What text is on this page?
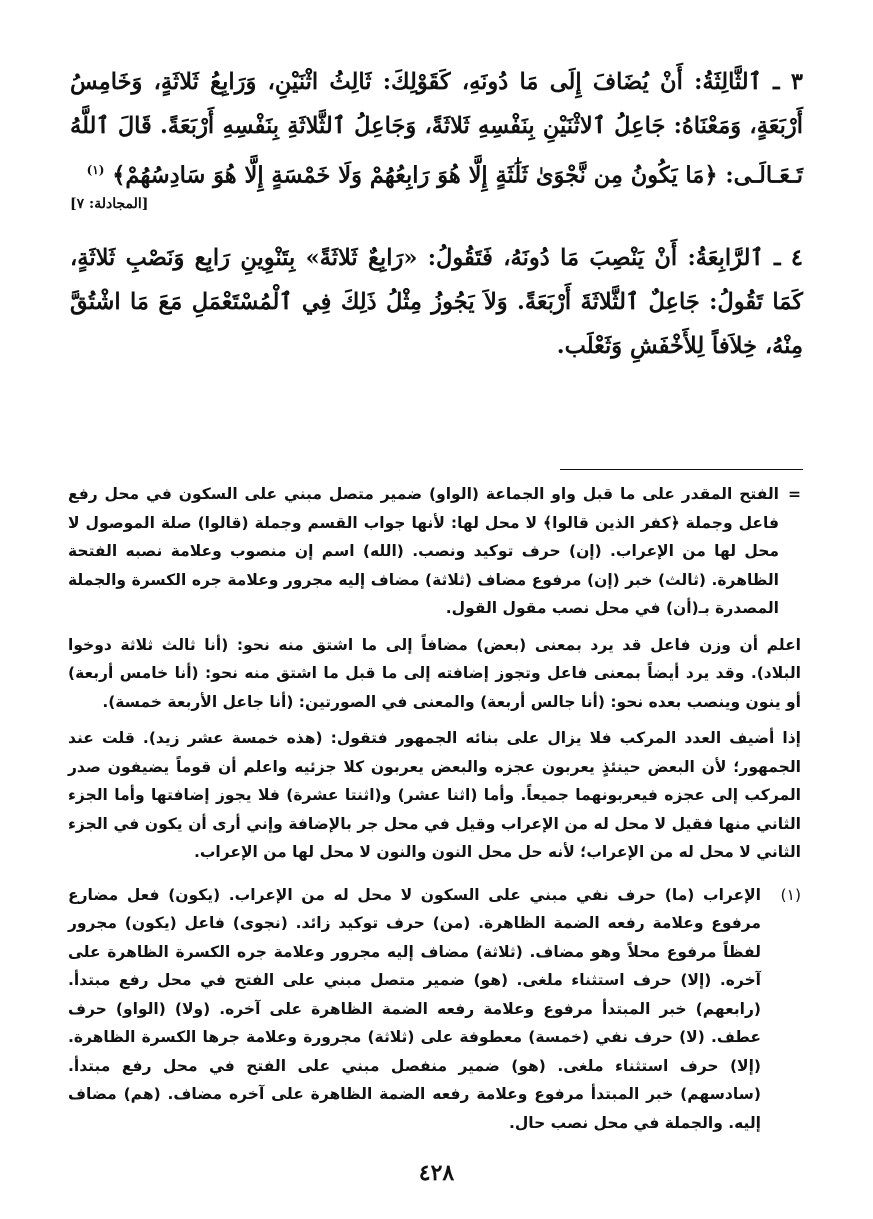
٣ ـ ٱلثَّالِثَةُ: أَنْ يُضَافَ إِلَى مَا دُونَهِ، كَقَوْلِكَ: ثَالِثُ اثْنَيْنِ، وَرَابِعُ ثَلاثَةٍ، وَخَامِسُ أَرْبَعَةٍ، وَمَعْنَاهُ: جَاعِلُ ٱلاثْنَيْنِ بِنَفْسِهِ ثَلاثَةً، وَجَاعِلُ ٱلثَّلاثَةِ بِنَفْسِهِ أَرْبَعَةً. قَالَ ٱللَّهُ تَـعَـالَـى: ﴿مَا يَكُونُ مِن نَّجْوَىٰ ثَلَٰثَةٍ إِلَّا هُوَ رَابِعُهُمْ وَلَا خَمْسَةٍ إِلَّا هُوَ سَادِسُهُمْ﴾ $^{(١)}$
[المجادلة: ٧]

٤ ـ ٱلرَّابِعَةُ: أَنْ يَنْصِبَ مَا دُونَهُ، فَتَقُولُ: «رَابِعٌ ثَلاثَةً» بِتَنْوِينِ رَابِع وَنَصْبِ ثَلاثَةٍ، كَمَا تَقُولُ: جَاعِلٌ ٱلثَّلاثَةَ أَرْبَعَةً. وَلاَ يَجُوزُ مِثْلُ ذَلِكَ فِي ٱلْمُسْتَعْمَلِ مَعَ مَا اشْتُقَّ مِنْهُ، خِلاَفاً لِلأَخْفَشِ وَثَعْلَب.

=
الفتح المقدر على ما قبل واو الجماعة (الواو) ضمير متصل مبني على السكون في محل رفع فاعل وجملة ﴿كفر الذين قالوا﴾ لا محل لها: لأنها جواب القسم وجملة (قالوا) صلة الموصول لا محل لها من الإعراب. (إن) حرف توكيد ونصب. (الله) اسم إن منصوب وعلامة نصبه الفتحة الظاهرة. (ثالث) خبر (إن) مرفوع مضاف (ثلاثة) مضاف إليه مجرور وعلامة جره الكسرة والجملة المصدرة بـ(أن) في محل نصب مقول القول.
اعلم أن وزن فاعل قد يرد بمعنى (بعض) مضافاً إلى ما اشتق منه نحو: (أنا ثالث ثلاثة دوخوا البلاد). وقد يرد أيضاً بمعنى فاعل وتجوز إضافته إلى ما قبل ما اشتق منه نحو: (أنا خامس أربعة) أو ينون وينصب بعده نحو: (أنا جالس أربعة) والمعنى في الصورتين: (أنا جاعل الأربعة خمسة).
إذا أضيف العدد المركب فلا يزال على بنائه الجمهور فتقول: (هذه خمسة عشر زيد). قلت عند الجمهور؛ لأن البعض حينئذٍ يعربون عجزه والبعض يعربون كلا جزئيه واعلم أن قوماً يضيفون صدر المركب إلى عجزه فيعربونهما جميعاً. وأما (اثنا عشر) و(اثنتا عشرة) فلا يجوز إضافتها وأما الجزء الثاني منها فقيل لا محل له من الإعراب وقيل في محل جر بالإضافة وإني أرى أن يكون في الجزء الثاني لا محل له من الإعراب؛ لأنه حل محل النون والنون لا محل لها من الإعراب.
(١)
الإعراب (ما) حرف نفي مبني على السكون لا محل له من الإعراب. (يكون) فعل مضارع مرفوع وعلامة رفعه الضمة الظاهرة. (من) حرف توكيد زائد. (نجوى) فاعل (يكون) مجرور لفظاً مرفوع محلاً وهو مضاف. (ثلاثة) مضاف إليه مجرور وعلامة جره الكسرة الظاهرة على آخره. (إلا) حرف استثناء ملغى. (هو) ضمير متصل مبني على الفتح في محل رفع مبتدأ. (رابعهم) خبر المبتدأ مرفوع وعلامة رفعه الضمة الظاهرة على آخره. (ولا) (الواو) حرف عطف. (لا) حرف نفي (خمسة) معطوفة على (ثلاثة) مجرورة وعلامة جرها الكسرة الظاهرة. (إلا) حرف استثناء ملغى. (هو) ضمير منفصل مبني على الفتح في محل رفع مبتدأ. (سادسهم) خبر المبتدأ مرفوع وعلامة رفعه الضمة الظاهرة على آخره مضاف. (هم) مضاف إليه. والجملة في محل نصب حال.
٤٢٨
